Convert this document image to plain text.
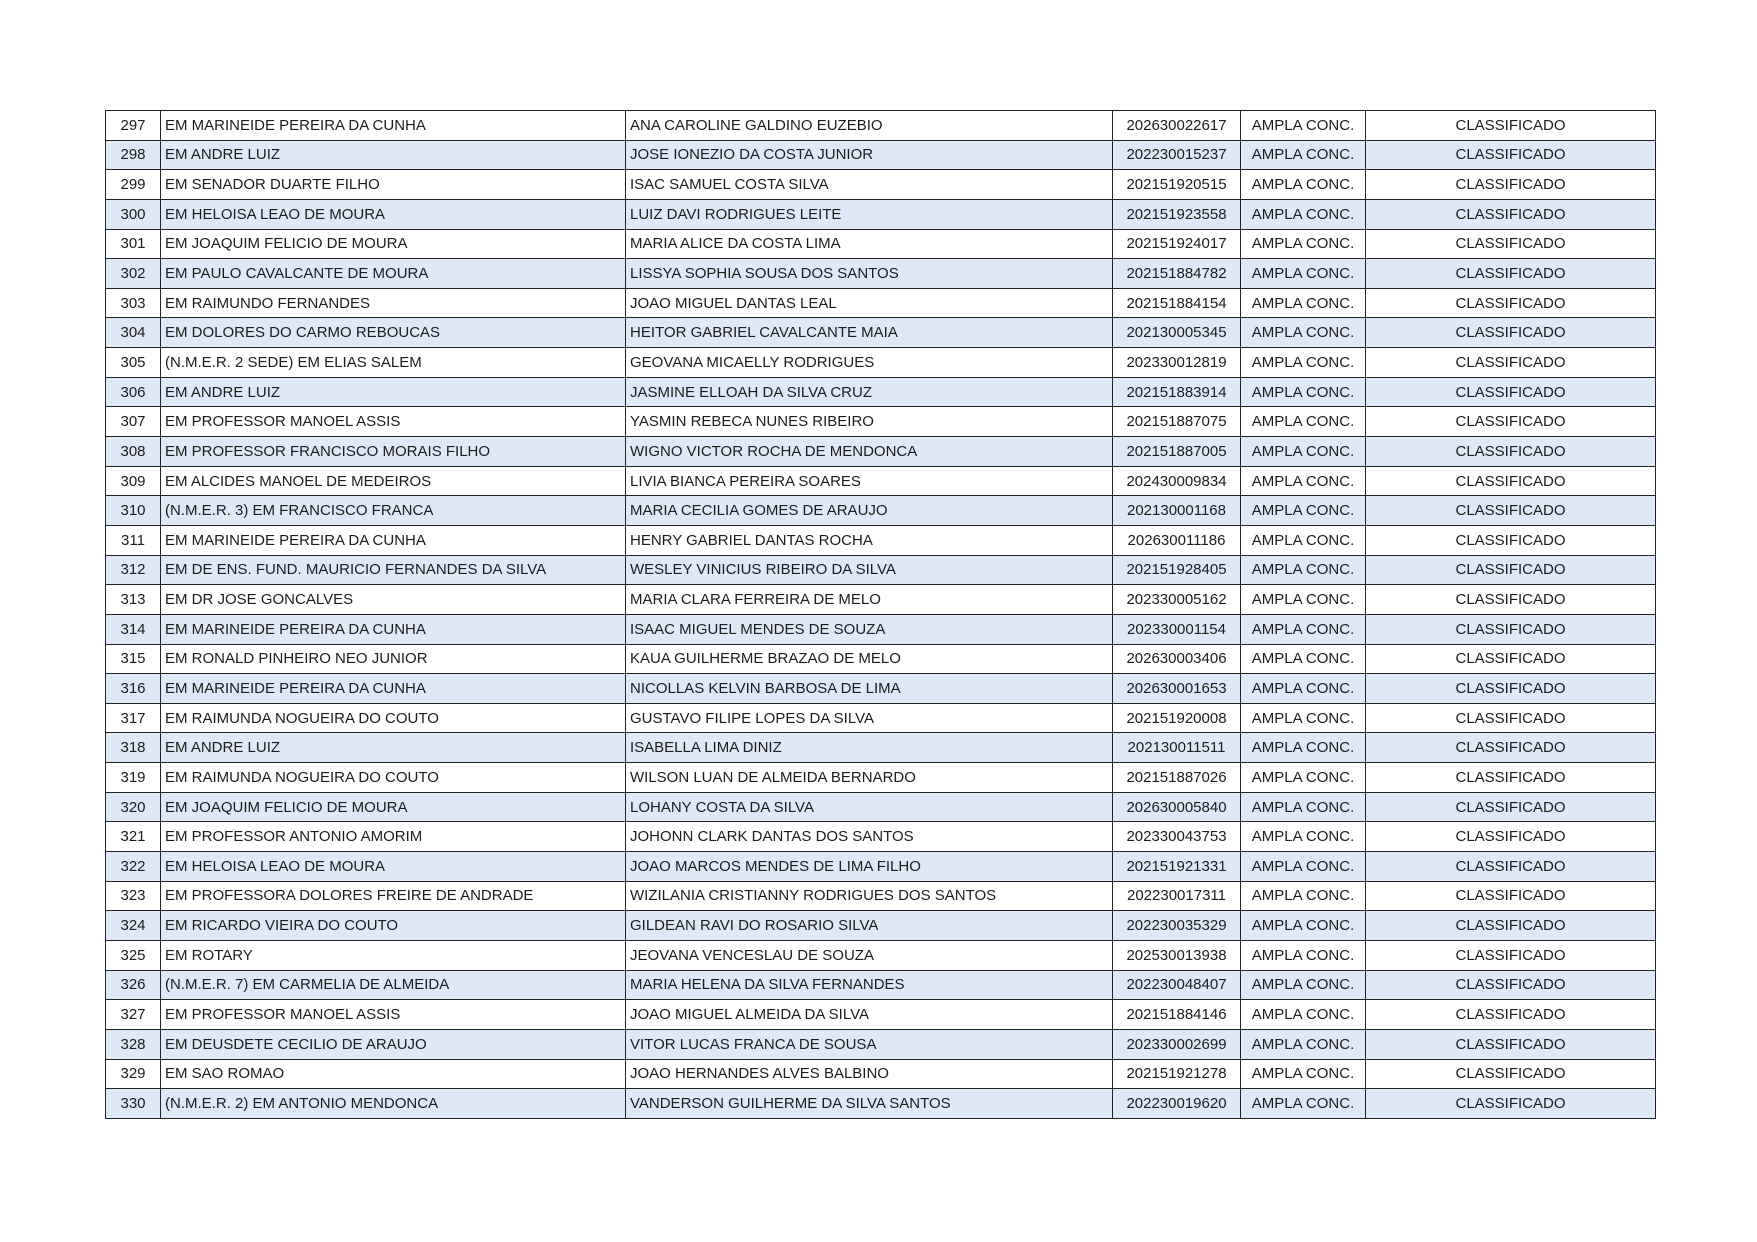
297	EM MARINEIDE PEREIRA DA CUNHA	ANA CAROLINE GALDINO EUZEBIO	202630022617	AMPLA CONC.	CLASSIFICADO
298	EM ANDRE LUIZ	JOSE IONEZIO DA COSTA JUNIOR	202230015237	AMPLA CONC.	CLASSIFICADO
299	EM SENADOR DUARTE FILHO	ISAC SAMUEL COSTA SILVA	202151920515	AMPLA CONC.	CLASSIFICADO
300	EM HELOISA LEAO DE MOURA	LUIZ DAVI RODRIGUES LEITE	202151923558	AMPLA CONC.	CLASSIFICADO
301	EM JOAQUIM FELICIO DE MOURA	MARIA ALICE DA COSTA LIMA	202151924017	AMPLA CONC.	CLASSIFICADO
302	EM PAULO CAVALCANTE DE MOURA	LISSYA SOPHIA SOUSA DOS SANTOS	202151884782	AMPLA CONC.	CLASSIFICADO
303	EM RAIMUNDO FERNANDES	JOAO MIGUEL DANTAS LEAL	202151884154	AMPLA CONC.	CLASSIFICADO
304	EM DOLORES DO CARMO REBOUCAS	HEITOR GABRIEL CAVALCANTE MAIA	202130005345	AMPLA CONC.	CLASSIFICADO
305	(N.M.E.R. 2 SEDE) EM ELIAS SALEM	GEOVANA MICAELLY RODRIGUES	202330012819	AMPLA CONC.	CLASSIFICADO
306	EM ANDRE LUIZ	JASMINE ELLOAH DA SILVA CRUZ	202151883914	AMPLA CONC.	CLASSIFICADO
307	EM PROFESSOR MANOEL ASSIS	YASMIN REBECA NUNES RIBEIRO	202151887075	AMPLA CONC.	CLASSIFICADO
308	EM PROFESSOR FRANCISCO MORAIS FILHO	WIGNO VICTOR ROCHA DE MENDONCA	202151887005	AMPLA CONC.	CLASSIFICADO
309	EM ALCIDES MANOEL DE MEDEIROS	LIVIA BIANCA PEREIRA SOARES	202430009834	AMPLA CONC.	CLASSIFICADO
310	(N.M.E.R. 3) EM FRANCISCO FRANCA	MARIA CECILIA GOMES DE ARAUJO	202130001168	AMPLA CONC.	CLASSIFICADO
311	EM MARINEIDE PEREIRA DA CUNHA	HENRY GABRIEL DANTAS ROCHA	202630011186	AMPLA CONC.	CLASSIFICADO
312	EM DE ENS. FUND. MAURICIO FERNANDES DA SILVA	WESLEY VINICIUS RIBEIRO DA SILVA	202151928405	AMPLA CONC.	CLASSIFICADO
313	EM DR JOSE GONCALVES	MARIA CLARA FERREIRA DE MELO	202330005162	AMPLA CONC.	CLASSIFICADO
314	EM MARINEIDE PEREIRA DA CUNHA	ISAAC MIGUEL MENDES DE SOUZA	202330001154	AMPLA CONC.	CLASSIFICADO
315	EM RONALD PINHEIRO NEO JUNIOR	KAUA GUILHERME BRAZAO DE MELO	202630003406	AMPLA CONC.	CLASSIFICADO
316	EM MARINEIDE PEREIRA DA CUNHA	NICOLLAS KELVIN BARBOSA DE LIMA	202630001653	AMPLA CONC.	CLASSIFICADO
317	EM RAIMUNDA NOGUEIRA DO COUTO	GUSTAVO FILIPE LOPES DA SILVA	202151920008	AMPLA CONC.	CLASSIFICADO
318	EM ANDRE LUIZ	ISABELLA LIMA DINIZ	202130011511	AMPLA CONC.	CLASSIFICADO
319	EM RAIMUNDA NOGUEIRA DO COUTO	WILSON LUAN DE ALMEIDA BERNARDO	202151887026	AMPLA CONC.	CLASSIFICADO
320	EM JOAQUIM FELICIO DE MOURA	LOHANY COSTA DA SILVA	202630005840	AMPLA CONC.	CLASSIFICADO
321	EM PROFESSOR ANTONIO AMORIM	JOHONN CLARK DANTAS DOS SANTOS	202330043753	AMPLA CONC.	CLASSIFICADO
322	EM HELOISA LEAO DE MOURA	JOAO MARCOS MENDES DE LIMA FILHO	202151921331	AMPLA CONC.	CLASSIFICADO
323	EM PROFESSORA DOLORES FREIRE DE ANDRADE	WIZILANIA CRISTIANNY RODRIGUES DOS SANTOS	202230017311	AMPLA CONC.	CLASSIFICADO
324	EM RICARDO VIEIRA DO COUTO	GILDEAN RAVI DO ROSARIO SILVA	202230035329	AMPLA CONC.	CLASSIFICADO
325	EM ROTARY	JEOVANA VENCESLAU DE SOUZA	202530013938	AMPLA CONC.	CLASSIFICADO
326	(N.M.E.R. 7) EM CARMELIA DE ALMEIDA	MARIA HELENA DA SILVA FERNANDES	202230048407	AMPLA CONC.	CLASSIFICADO
327	EM PROFESSOR MANOEL ASSIS	JOAO MIGUEL ALMEIDA DA SILVA	202151884146	AMPLA CONC.	CLASSIFICADO
328	EM DEUSDETE CECILIO DE ARAUJO	VITOR LUCAS FRANCA DE SOUSA	202330002699	AMPLA CONC.	CLASSIFICADO
329	EM SAO ROMAO	JOAO HERNANDES ALVES BALBINO	202151921278	AMPLA CONC.	CLASSIFICADO
330	(N.M.E.R. 2) EM ANTONIO MENDONCA	VANDERSON GUILHERME DA SILVA SANTOS	202230019620	AMPLA CONC.	CLASSIFICADO
